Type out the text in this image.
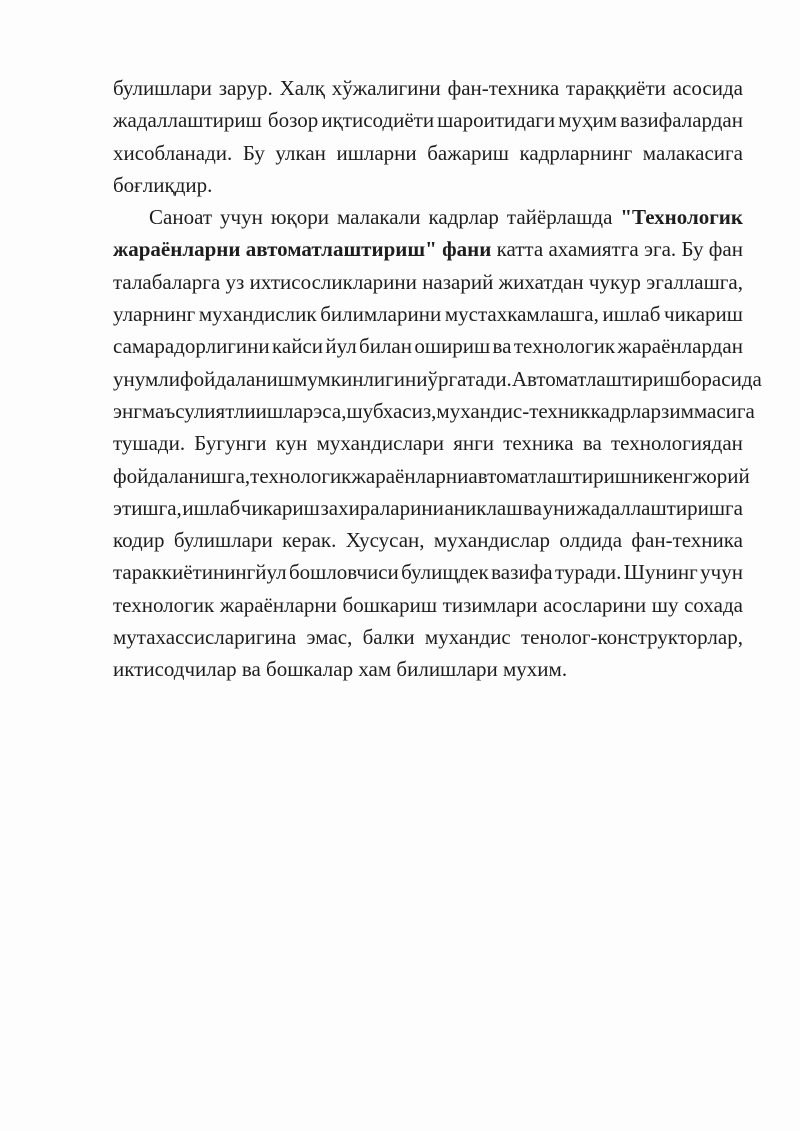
булишлари зарур. Халқ хўжалигини фан-техника тараққиёти асосида
жадаллаштириш бозор иқтисодиёти шароитидаги муҳим вазифалардан
хисобланади. Бу улкан ишларни бажариш кадрларнинг малакасига
боғлиқдир.
Саноат учун юқори малакали кадрлар тайёрлашда "Технологик
жараёнларни автоматлаштириш" фани катта ахамиятга эга. Бу фан
талабаларга уз ихтисосликларини назарий жихатдан чукур эгаллашга,
уларнинг мухандислик билимларини мустахкамлашга, ишлаб чикариш
самарадорлигини кайси йул билан ошириш ва технологик жараёнлардан
унумли фойдаланиш мумкинлигини ўргатади. Автоматлаштириш борасида
энг маъсулиятли ишлар эса, шубхасиз, мухандис-техник кадрлар зиммасига
тушади. Бугунги кун мухандислари янги техника ва технологиядан
фойдаланишга, технологик жараёнларни автоматлаштиришни кенг жорий
этишга, ишлаб чикариш захираларини аниклаш ва уни жадаллаштиришга
кодир булишлари керак. Хусусан, мухандислар олдида фан-техника
тараккиётинингйул бошловчиси булищдек вазифа туради. Шунинг учун
технологик жараёнларни бошкариш тизимлари асосларини шу сохада
мутахассисларигина эмас, балки мухандис тенолог-конструкторлар,
иктисодчилар ва бошкалар хам билишлари мухим.
